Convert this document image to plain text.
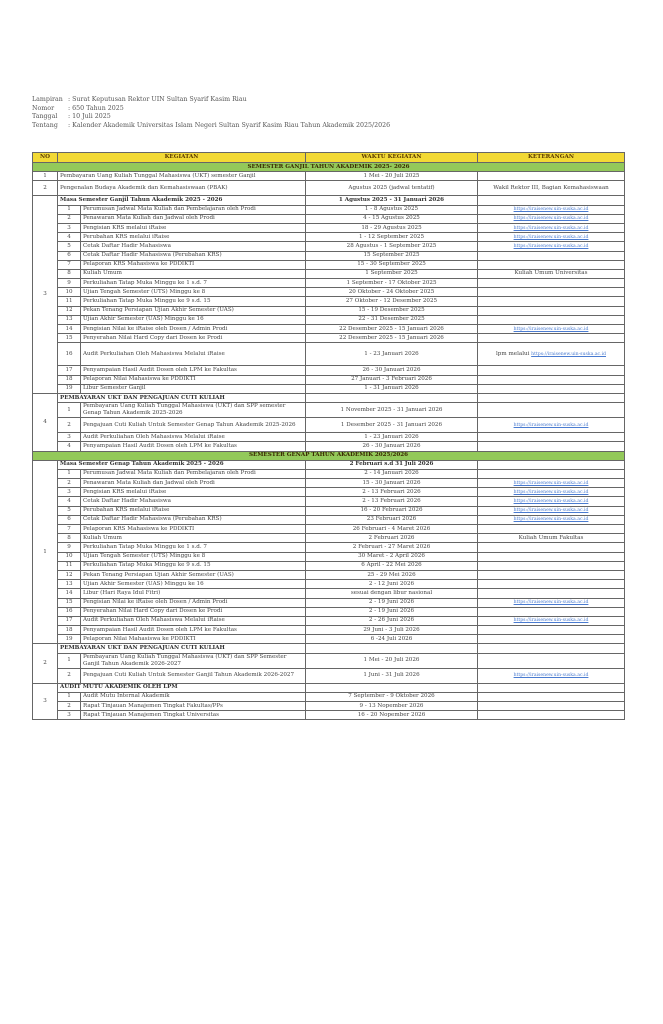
Lampiran : Surat Keputusan Rektor UIN Sultan Syarif Kasim Riau
Nomor	: 650 Tahun 2025
Tanggal	: 10 Juli 2025
Tentang	: Kalender Akademik Universitas Islam Negeri Sultan Syarif Kasim Riau Tahun Akademik 2025/2026
NO	KEGIATAN		WAKTU KEGIATAN	KETERANGAN
SEMESTER GANJIL TAHUN AKADEMIK 2025- 2026				
1	Pembayaran Uang Kuliah Tunggal Mahasiswa (UKT) semester Ganjil		1 Mei - 20 Juli 2025	
2	Pengenalan Budaya Akademik dan Kemahasiswaan (PBAK)		Agustus 2025 (jadwal tentatif)	Wakil Rektor III, Bagian Kemahasiswaan
3	Masa Semester Ganjil Tahun Akademik 2025 - 2026		1 Agustus 2025 - 31 Januari 2026	
	1	Perumusan Jadwal Mata Kuliah dan Pembelajaran oleh Prodi	1 - 8 Agustus 2025	https://iraisenew.uin-suska.ac.id
	2	Penawaran Mata Kuliah dan Jadwal oleh Prodi	4 - 15 Agustus 2025	https://iraisenew.uin-suska.ac.id
	3	Pengisian KRS melalui iRaise	18 - 29 Agustus 2025	https://iraisenew.uin-suska.ac.id
	4	Perubahan KRS melalui iRaise	1 - 12 September 2025	https://iraisenew.uin-suska.ac.id
	5	Cetak Daftar Hadir Mahasiswa	28 Agustus - 1 September 2025	https://iraisenew.uin-suska.ac.id
	6	Cetak Daftar Hadir Mahasiswa (Perubahan KRS)	15 September 2025	
	7	Pelaporan KRS Mahasiswa ke PDDIKTI	15 - 30 September 2025	
	8	Kuliah Umum	1 September 2025	Kuliah Umum Universitas
	9	Perkuliahan Tatap Muka Minggu ke 1 s.d. 7	1 September - 17 Oktober 2025	
	10	Ujian Tengah Semester (UTS) Minggu ke 8	20 Oktober - 24 Oktober 2025	
	11	Perkuliahan Tatap Muka Minggu ke 9 s.d. 15	27 Oktober - 12 Desember 2025	
	12	Pekan Tenang Persiapan Ujian Akhir Semester (UAS)	15 - 19 Desember 2025	
	13	Ujian Akhir Semester (UAS) Minggu ke 16	22 - 31 Desember 2025	
	14	Pengisian Nilai ke iRaise oleh Dosen / Admin Prodi	22 Desember 2025 - 15 Januari 2026	https://iraisenew.uin-suska.ac.id
	15	Penyerahan Nilai Hard Copy dari Dosen ke Prodi	22 Desember 2025 - 15 Januari 2026	
	16	Audit Perkuliahan Oleh Mahasiswa Melalui iRaise	1 - 23 Januari 2026	lpm melalui https://iraisenew.uin-suska.ac.id
	17	Penyampaian Hasil Audit Dosen oleh LPM ke Fakultas	26 - 30 Januari 2026	
	18	Pelaporan Nilai Mahasiswa ke PDDIKTI	27 Januari - 3 Februari 2026	
	19	Libur Semester Ganjil	1 - 31 Januari 2026	
4	PEMBAYARAN UKT DAN PENGAJUAN CUTI KULIAH			
	1	Pembayaran Uang Kuliah Tunggal Mahasiswa (UKT) dan SPP semester Genap Tahun Akademik 2025-2026	1 November 2025 - 31 Januari 2026	
	2	Pengajuan Cuti Kuliah Untuk Semester Genap Tahun Akademik 2025-2026	1 Desember 2025 - 31 Januari 2026	https://iraisenew.uin-suska.ac.id
	3	Audit Perkuliahan Oleh Mahasiswa Melalui iRaise	1 - 23 Januari 2026	
	4	Penyampaian Hasil Audit Dosen oleh LPM ke Fakultas	26 - 30 Januari 2026	
SEMESTER GENAP TAHUN AKADEMIK 2025/2026				
1	Masa Semester Genap Tahun Akademik 2025 - 2026		2 Februari s.d 31 Juli 2026	
	1	Perumusan Jadwal Mata Kuliah dan Pembelajaran oleh Prodi	2 - 14 Januari 2026	
	2	Penawaran Mata Kuliah dan Jadwal oleh Prodi	15 - 30 Januari 2026	https://iraisenew.uin-suska.ac.id
	3	Pengisian KRS melalui iRaise	2 - 13 Februari 2026	https://iraisenew.uin-suska.ac.id
	4	Cetak Daftar Hadir Mahasiswa	2 - 13 Februari 2026	https://iraisenew.uin-suska.ac.id
	5	Perubahan KRS melalui iRaise	16 - 20 Februari 2026	https://iraisenew.uin-suska.ac.id
	6	Cetak Daftar Hadir Mahasiswa (Perubahan KRS)	23 Februari 2026	https://iraisenew.uin-suska.ac.id
	7	Pelaporan KRS Mahasiswa ke PDDIKTI	26 Februari - 4 Maret 2026	
	8	Kuliah Umum	2 Februari 2026	Kuliah Umum Fakultas
	9	Perkuliahan Tatap Muka Minggu ke 1 s.d. 7	2 Februari - 27 Maret 2026	
	10	Ujian Tengah Semester (UTS) Minggu ke 8	30 Maret - 2 April 2026	
	11	Perkuliahan Tatap Muka Minggu ke 9 s.d. 15	6 April - 22 Mei 2026	
	12	Pekan Tenang Persiapan Ujian Akhir Semester (UAS)	25 - 29 Mei 2026	
	13	Ujian Akhir Semester (UAS) Minggu ke 16	2 - 12 Juni 2026	
	14	Libur (Hari Raya Idul Fitri)	sesuai dengan libur nasional	
	15	Pengisian Nilai ke iRaise oleh Dosen / Admin Prodi	2 - 19 Juni 2026	https://iraisenew.uin-suska.ac.id
	16	Penyerahan Nilai Hard Copy dari Dosen ke Prodi	2 - 19 Juni 2026	
	17	Audit Perkuliahan Oleh Mahasiswa Melalui iRaise	2 - 26 Juni 2026	https://iraisenew.uin-suska.ac.id
	18	Penyampaian Hasil Audit Dosen oleh LPM ke Fakultas	29 Juni - 3 Juli 2026	
	19	Pelaporan Nilai Mahasiswa ke PDDIKTI	6 -24 Juli 2026	
2	PEMBAYARAN UKT DAN PENGAJUAN CUTI KULIAH			
	1	Pembayaran Uang Kuliah Tunggal Mahasiswa (UKT) dan SPP Semester Ganjil Tahun Akademik 2026-2027	1 Mei - 20 Juli 2026	
	2	Pengajuan Cuti Kuliah Untuk Semester Ganjil Tahun Akademik 2026-2027	1 Juni - 31 Juli 2026	https://iraisenew.uin-suska.ac.id
3	AUDIT MUTU AKADEMIK OLEH LPM			
	1	Audit Mutu Internal Akademik	7 September - 9 Oktober 2026	
	2	Rapat Tinjauan Manajemen Tingkat Fakultas/PPs	9 - 13 Nopember 2026	
	3	Rapat Tinjauan Manajemen Tingkat Universitas	16 - 20 Nopember 2026	
